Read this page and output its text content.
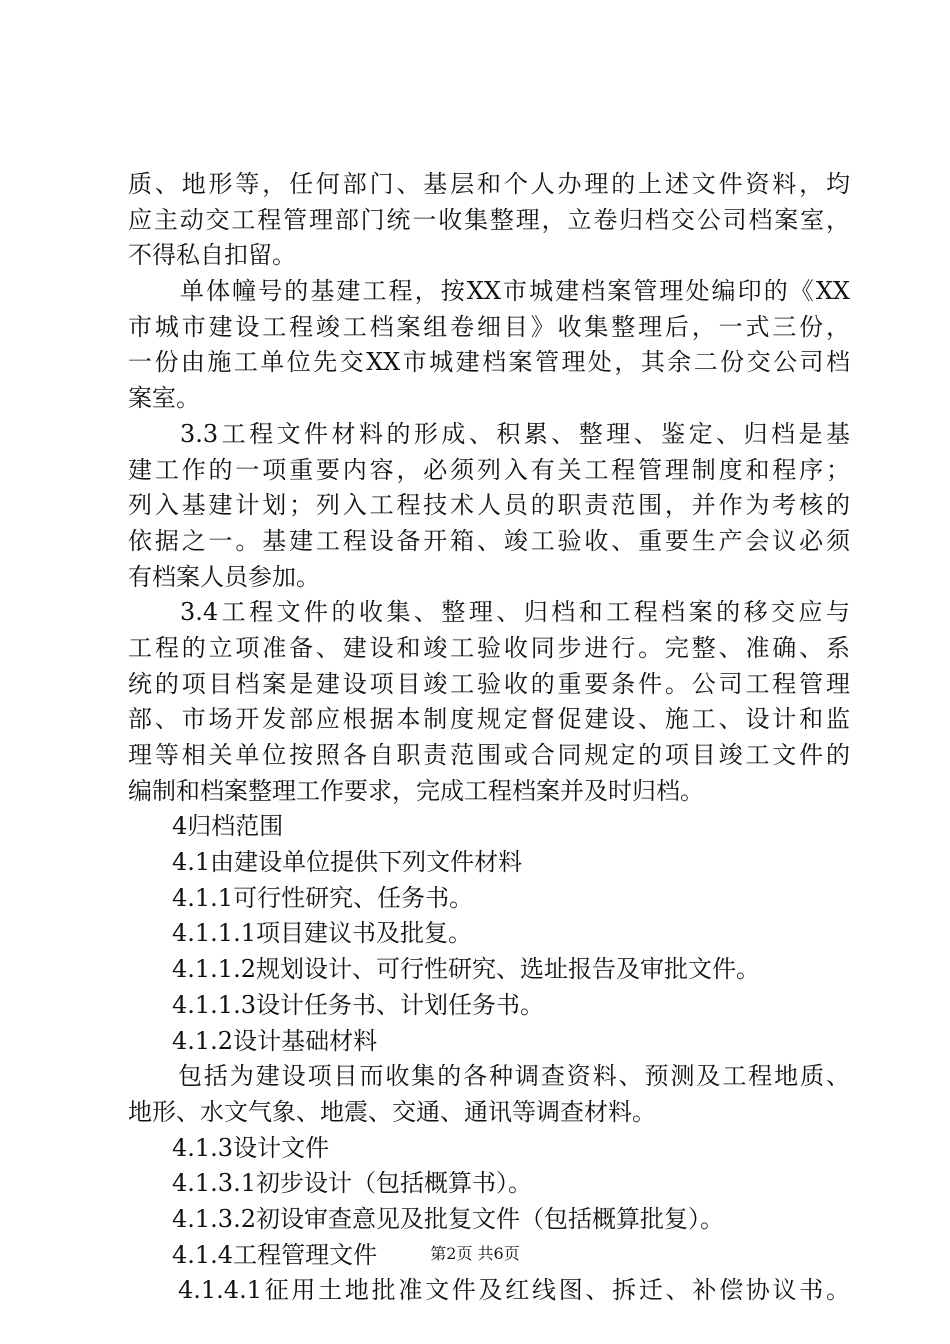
质、地形等，任何部门、基层和个人办理的上述文件资料，均
应主动交工程管理部门统一收集整理，立卷归档交公司档案室，
不得私自扣留。
单体幢号的基建工程，按XX市城建档案管理处编印的《XX
市城市建设工程竣工档案组卷细目》收集整理后，一式三份，
一份由施工单位先交XX市城建档案管理处，其余二份交公司档
案室。
3.3工程文件材料的形成、积累、整理、鉴定、归档是基
建工作的一项重要内容，必须列入有关工程管理制度和程序；
列入基建计划；列入工程技术人员的职责范围，并作为考核的
依据之一。基建工程设备开箱、竣工验收、重要生产会议必须
有档案人员参加。
3.4工程文件的收集、整理、归档和工程档案的移交应与
工程的立项准备、建设和竣工验收同步进行。完整、准确、系
统的项目档案是建设项目竣工验收的重要条件。公司工程管理
部、市场开发部应根据本制度规定督促建设、施工、设计和监
理等相关单位按照各自职责范围或合同规定的项目竣工文件的
编制和档案整理工作要求，完成工程档案并及时归档。
4归档范围
4.1由建设单位提供下列文件材料
4.1.1可行性研究、任务书。
4.1.1.1项目建议书及批复。
4.1.1.2规划设计、可行性研究、选址报告及审批文件。
4.1.1.3设计任务书、计划任务书。
4.1.2设计基础材料
包括为建设项目而收集的各种调查资料、预测及工程地质、
地形、水文气象、地震、交通、通讯等调查材料。
4.1.3设计文件
4.1.3.1初步设计（包括概算书）。
4.1.3.2初设审查意见及批复文件（包括概算批复）。
4.1.4工程管理文件
4.1.4.1征用土地批准文件及红线图、拆迁、补偿协议书。
第2页 共6页
